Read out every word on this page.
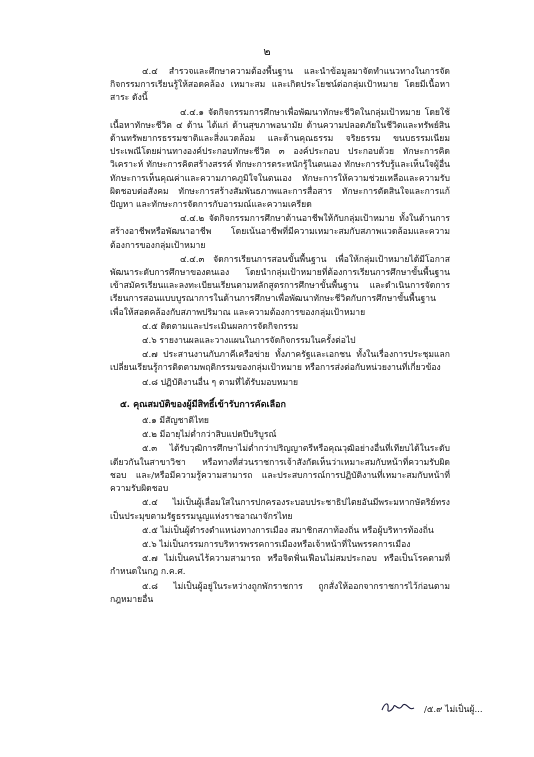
๒

๔.๔ สำรวจและศึกษาความต้องพื้นฐาน และนำข้อมูลมาจัดทำแนวทางในการจัดกิจกรรมการเรียนรู้ให้สอดคล้อง เหมาะสม และเกิดประโยชน์ต่อกลุ่มเป้าหมาย โดยมีเนื้อหาสาระ ดังนี้

๔.๔.๑ จัดกิจกรรมการศึกษาเพื่อพัฒนาทักษะชีวิตในกลุ่มเป้าหมาย โดยใช้เนื้อหาทักษะชีวิต ๔ ด้าน ได้แก่ ด้านสุขภาพอนามัย ด้านความปลอดภัยในชีวิตและทรัพย์สิน ด้านทรัพยากรธรรมชาติและสิ่งแวดล้อม และด้านคุณธรรม จริยธรรม ขนบธรรมเนียมประเพณีโดยผ่านทางองค์ประกอบทักษะชีวิต ๓ องค์ประกอบ ประกอบด้วย ทักษะการคิดวิเคราะห์ ทักษะการคิดสร้างสรรค์ ทักษะการตระหนักรู้ในตนเอง ทักษะการรับรู้และเห็นใจผู้อื่น ทักษะการเห็นคุณค่าและความภาคภูมิใจในตนเอง ทักษะการให้ความช่วยเหลือและความรับผิดชอบต่อสังคม ทักษะการสร้างสัมพันธภาพและการสื่อสาร ทักษะการตัดสินใจและการแก้ปัญหา และทักษะการจัดการกับอารมณ์และความเครียด

๔.๔.๒ จัดกิจกรรมการศึกษาด้านอาชีพให้กับกลุ่มเป้าหมาย ทั้งในด้านการสร้างอาชีพหรือพัฒนาอาชีพ โดยเน้นอาชีพที่มีความเหมาะสมกับสภาพแวดล้อมและความต้องการของกลุ่มเป้าหมาย

๔.๔.๓ จัดการเรียนการสอนขั้นพื้นฐาน เพื่อให้กลุ่มเป้าหมายได้มีโอกาสพัฒนาระดับการศึกษาของตนเอง โดยนำกลุ่มเป้าหมายที่ต้องการเรียนการศึกษาขั้นพื้นฐาน เข้าสมัครเรียนและลงทะเบียนเรียนตามหลักสูตรการศึกษาขั้นพื้นฐาน และดำเนินการจัดการเรียนการสอนแบบบูรณาการในด้านการศึกษาเพื่อพัฒนาทักษะชีวิตกับการศึกษาขั้นพื้นฐาน เพื่อให้สอดคล้องกับสภาพปริมาณ และความต้องการของกลุ่มเป้าหมาย

๔.๕ ติดตามและประเมินผลการจัดกิจกรรม

๔.๖ รายงานผลและวางแผนในการจัดกิจกรรมในครั้งต่อไป

๔.๗ ประสานงานกับภาคีเครือข่าย ทั้งภาครัฐและเอกชน ทั้งในเรื่องการประชุมแลกเปลี่ยนเรียนรู้การติดตามพฤติกรรมของกลุ่มเป้าหมาย หรือการส่งต่อกับหน่วยงานที่เกี่ยวข้อง

๔.๘ ปฏิบัติงานอื่น ๆ ตามที่ได้รับมอบหมาย

๕. คุณสมบัติของผู้มีสิทธิ์เข้ารับการคัดเลือก

๕.๑ มีสัญชาติไทย

๕.๒ มีอายุไม่ต่ำกว่าสิบแปดปีบริบูรณ์

๕.๓ ได้รับวุฒิการศึกษาไม่ต่ำกว่าปริญญาตรีหรือคุณวุฒิอย่างอื่นที่เทียบได้ในระดับเดียวกันในสาขาวิชา หรือทางที่ส่วนราชการเจ้าสังกัดเห็นว่าเหมาะสมกับหน้าที่ความรับผิดชอบ และ/หรือมีความรู้ความสามารถ และประสบการณ์การปฏิบัติงานที่เหมาะสมกับหน้าที่ความรับผิดชอบ

๕.๔ ไม่เป็นผู้เลื่อมใสในการปกครองระบอบประชาธิปไตยอันมีพระมหากษัตริย์ทรงเป็นประมุขตามรัฐธรรมนูญแห่งราชอาณาจักรไทย

๕.๕ ไม่เป็นผู้ดำรงตำแหน่งทางการเมือง สมาชิกสภาท้องถิ่น หรือผู้บริหารท้องถิ่น

๕.๖ ไม่เป็นกรรมการบริหารพรรคการเมืองหรือเจ้าหน้าที่ในพรรคการเมือง

๕.๗ ไม่เป็นคนไร้ความสามารถ หรือจิตฟั่นเฟือนไม่สมประกอบ หรือเป็นโรคตามที่กำหนดในกฎ ก.ค.ศ.

๕.๘ ไม่เป็นผู้อยู่ในระหว่างถูกพักราชการ ถูกสั่งให้ออกจากราชการไว้ก่อนตามกฎหมายอื่น

/๕.๙ ไม่เป็นผู้...
